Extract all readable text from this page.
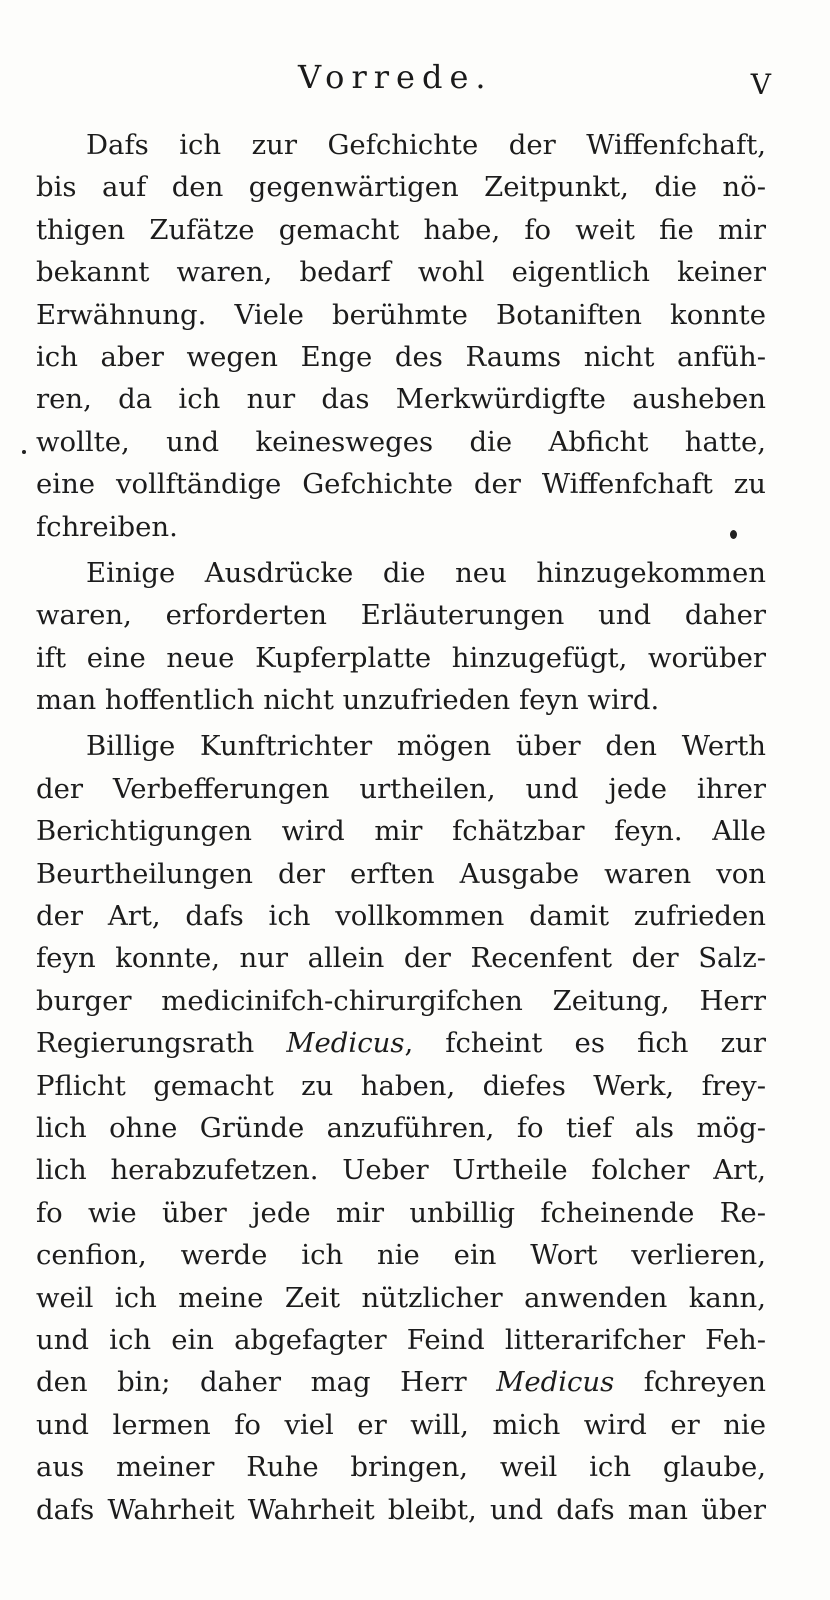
Vorrede.	V
Dafs ich zur Gefchichte der Wiffenfchaft,
bis auf den gegenwärtigen Zeitpunkt, die nö-
thigen Zufätze gemacht habe, fo weit fie mir
bekannt waren, bedarf wohl eigentlich keiner
Erwähnung. Viele berühmte Botaniften konnte
ich aber wegen Enge des Raums nicht anfüh-
ren, da ich nur das Merkwürdigfte ausheben
wollte, und keinesweges die Abficht hatte,
eine vollftändige Gefchichte der Wiffenfchaft zu
fchreiben.
Einige Ausdrücke die neu hinzugekommen
waren, erforderten Erläuterungen und daher
ift eine neue Kupferplatte hinzugefügt, worüber
man hoffentlich nicht unzufrieden feyn wird.
Billige Kunftrichter mögen über den Werth
der Verbefferungen urtheilen, und jede ihrer
Berichtigungen wird mir fchätzbar feyn. Alle
Beurtheilungen der erften Ausgabe waren von
der Art, dafs ich vollkommen damit zufrieden
feyn konnte, nur allein der Recenfent der Salz-
burger medicinifch-chirurgifchen Zeitung, Herr
Regierungsrath Medicus, fcheint es fich zur
Pflicht gemacht zu haben, diefes Werk, frey-
lich ohne Gründe anzuführen, fo tief als mög-
lich herabzufetzen. Ueber Urtheile folcher Art,
fo wie über jede mir unbillig fcheinende Re-
cenfion, werde ich nie ein Wort verlieren,
weil ich meine Zeit nützlicher anwenden kann,
und ich ein abgefagter Feind litterarifcher Feh-
den bin; daher mag Herr Medicus fchreyen
und lermen fo viel er will, mich wird er nie
aus meiner Ruhe bringen, weil ich glaube,
dafs Wahrheit Wahrheit bleibt, und dafs man über
